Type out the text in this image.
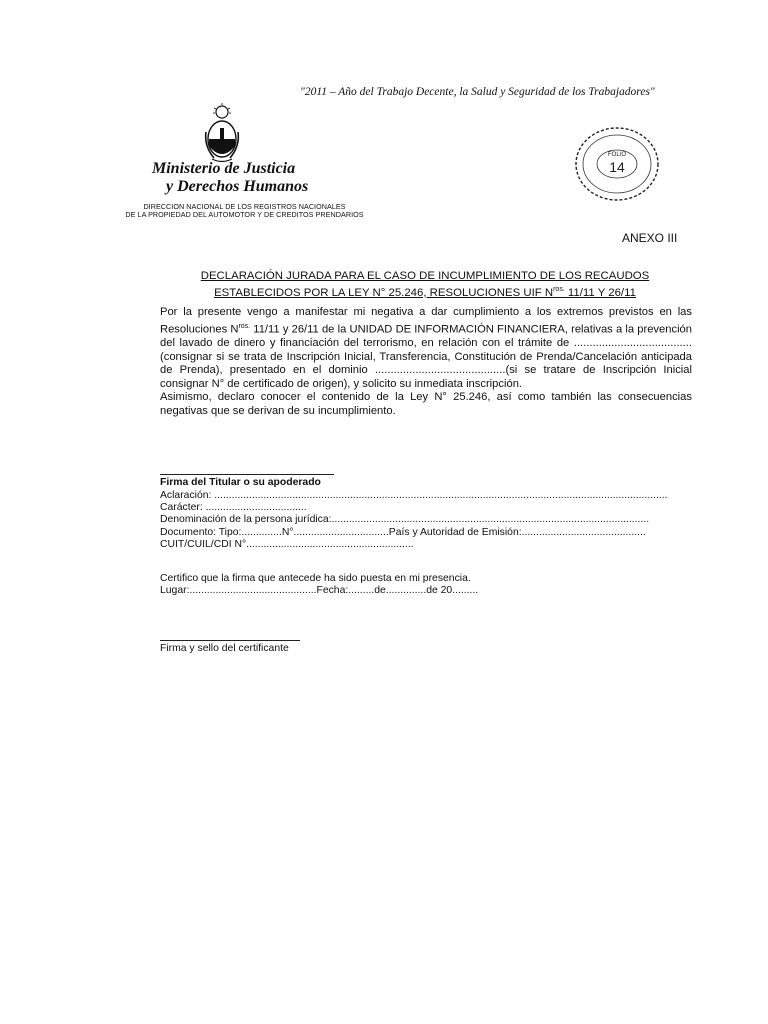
"2011 – Año del Trabajo Decente, la Salud y Seguridad de los Trabajadores"
Ministerio de Justicia
y Derechos Humanos
DIRECCION NACIONAL DE LOS REGISTROS NACIONALES
DE LA PROPIEDAD DEL AUTOMOTOR Y DE CREDITOS PRENDARIOS
FOLIO
14
ANEXO III
DECLARACIÓN JURADA PARA EL CASO DE INCUMPLIMIENTO DE LOS RECAUDOS
ESTABLECIDOS POR LA LEY N° 25.246, RESOLUCIONES UIF $N^{ros.}$ 11/11 Y 26/11

Por la presente vengo a manifestar mi negativa a dar cumplimiento a los extremos previstos en las Resoluciones $N^{ros.}$ 11/11 y 26/11 de la UNIDAD DE INFORMACIÓN FINANCIERA, relativas a la prevención del lavado de dinero y financiación del terrorismo, en relación con el trámite de ......................................(consignar si se trata de Inscripción Inicial, Transferencia, Constitución de Prenda/Cancelación anticipada de Prenda), presentado en el dominio ..........................................(si se tratare de Inscripción Inicial consignar N° de certificado de origen), y solicito su inmediata inscripción.

Asimismo, declaro conocer el contenido de la Ley N° 25.246, así como también las consecuencias negativas que se derivan de su incumplimiento.

Firma del Titular o su apoderado
Aclaración: .............................................................................................................................................................
Carácter: ...................................
Denominación de la persona jurídica:..............................................................................................................
Documento: Tipo:..............N°.................................País y Autoridad de Emisión:...........................................
CUIT/CUIL/CDI N°..........................................................
Certifico que la firma que antecede ha sido puesta en mi presencia.
Lugar:............................................Fecha:.........de..............de 20.........
Firma y sello del certificante
